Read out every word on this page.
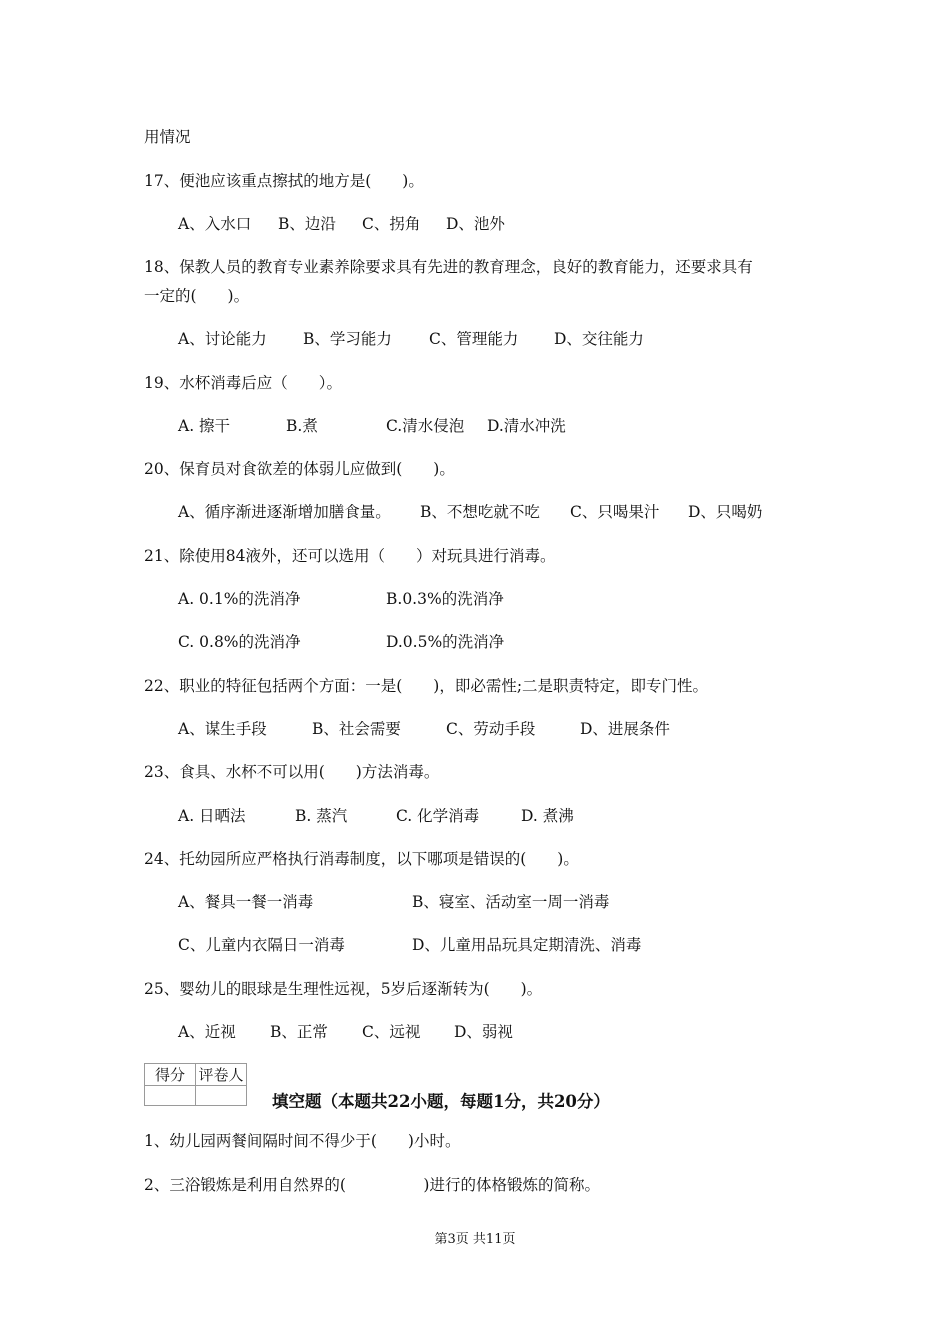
用情况
17、便池应该重点擦拭的地方是(　　)。
A、入水口 B、边沿 C、拐角 D、池外
18、保教人员的教育专业素养除要求具有先进的教育理念，良好的教育能力，还要求具有
一定的(　　)。
A、讨论能力 B、学习能力 C、管理能力 D、交往能力
19、水杯消毒后应（　　）。
A. 擦干	B.煮	C.清水侵泡 D.清水冲洗
20、保育员对食欲差的体弱儿应做到(　　)。
A、循序渐进逐渐增加膳食量。 B、不想吃就不吃 C、只喝果汁 D、只喝奶
21、除使用84液外，还可以选用（　　）对玩具进行消毒。
A. 0.1%的洗消净	B.0.3%的洗消净
C. 0.8%的洗消净	D.0.5%的洗消净
22、职业的特征包括两个方面：一是(　　)，即必需性;二是职责特定，即专门性。
A、谋生手段	B、社会需要	C、劳动手段	D、进展条件
23、食具、水杯不可以用(　　)方法消毒。
A. 日晒法	B. 蒸汽	C. 化学消毒	D. 煮沸
24、托幼园所应严格执行消毒制度，以下哪项是错误的(　　)。
A、餐具一餐一消毒	B、寝室、活动室一周一消毒
C、儿童内衣隔日一消毒	D、儿童用品玩具定期清洗、消毒
25、婴幼儿的眼球是生理性远视，5岁后逐渐转为(　　)。
A、近视 B、正常 C、远视 D、弱视
得分	评卷人

填空题（本题共22小题，每题1分，共20分）
1、幼儿园两餐间隔时间不得少于(　　)小时。
2、三浴锻炼是利用自然界的(　　　　　)进行的体格锻炼的简称。
第3页 共11页
